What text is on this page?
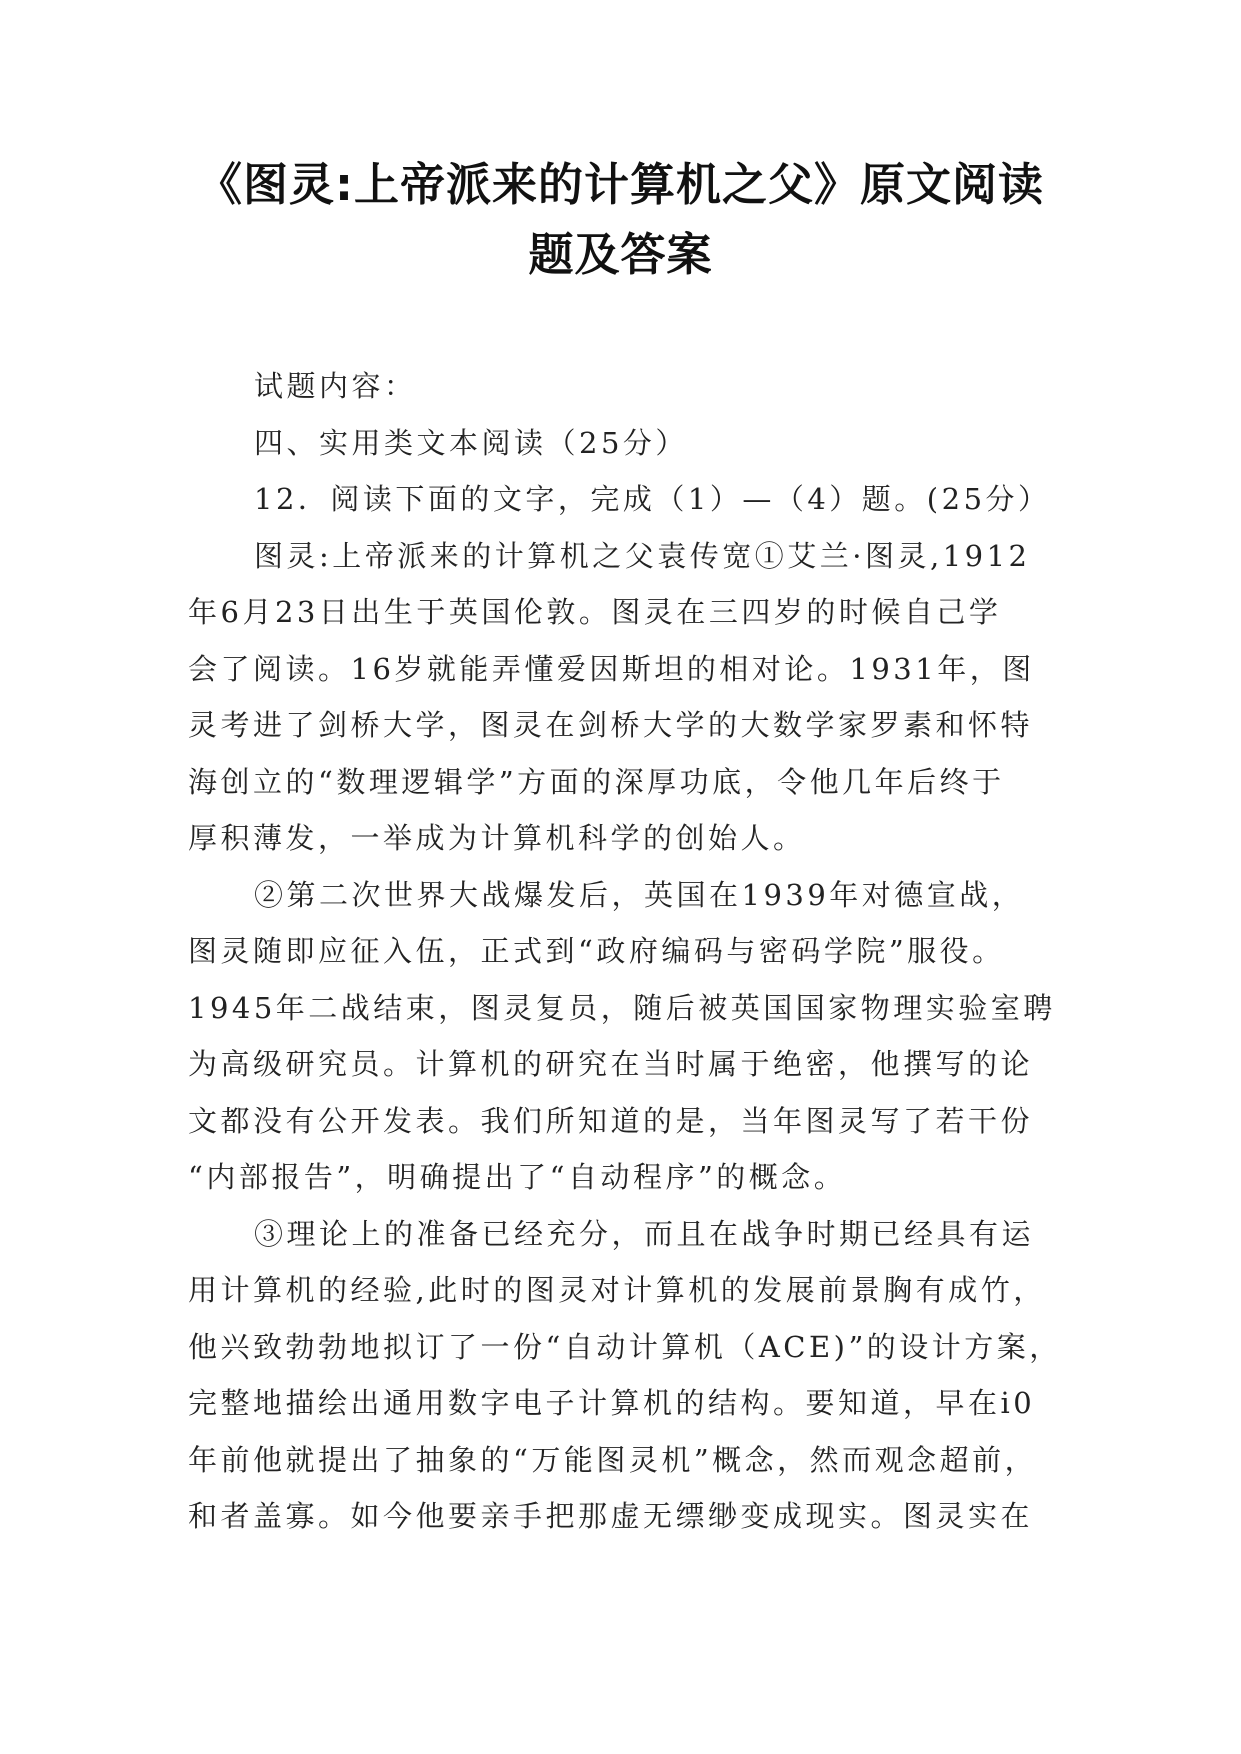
《图灵:上帝派来的计算机之父》原文阅读
题及答案

试题内容：

四、实用类文本阅读（25分）

12．阅读下面的文字，完成（1）—（4）题。(25分）

图灵:上帝派来的计算机之父袁传宽①艾兰·图灵,1912
年6月23日出生于英国伦敦。图灵在三四岁的时候自己学
会了阅读。16岁就能弄懂爱因斯坦的相对论。1931年，图
灵考进了剑桥大学，图灵在剑桥大学的大数学家罗素和怀特
海创立的“数理逻辑学”方面的深厚功底，令他几年后终于
厚积薄发，一举成为计算机科学的创始人。

②第二次世界大战爆发后，英国在1939年对德宣战，
图灵随即应征入伍，正式到“政府编码与密码学院”服役。
1945年二战结束，图灵复员，随后被英国国家物理实验室聘
为高级研究员。计算机的研究在当时属于绝密，他撰写的论
文都没有公开发表。我们所知道的是，当年图灵写了若干份
“内部报告”，明确提出了“自动程序”的概念。

③理论上的准备已经充分，而且在战争时期已经具有运
用计算机的经验,此时的图灵对计算机的发展前景胸有成竹，
他兴致勃勃地拟订了一份“自动计算机（ACE)”的设计方案，
完整地描绘出通用数字电子计算机的结构。要知道，早在i0
年前他就提出了抽象的“万能图灵机”概念，然而观念超前，
和者盖寡。如今他要亲手把那虚无缥缈变成现实。图灵实在
